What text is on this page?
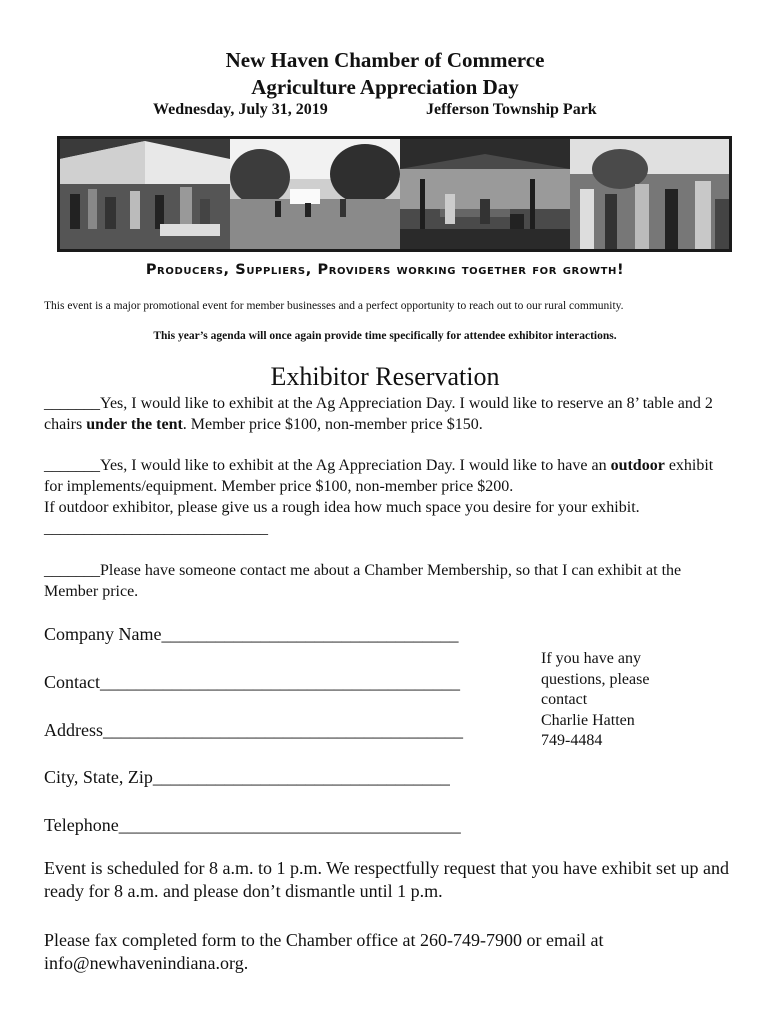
New Haven Chamber of Commerce
Agriculture Appreciation Day
Wednesday, July 31, 2019	Jefferson Township Park
Producers, Suppliers, Providers working together for growth!
This event is a major promotional event for member businesses and a perfect opportunity to reach out to our rural community.
This year’s agenda will once again provide time specifically for attendee exhibitor interactions.
Exhibitor Reservation
_______Yes, I would like to exhibit at the Ag Appreciation Day. I would like to reserve an 8’ table and 2 chairs under the tent. Member price $100, non-member price $150.
_______Yes, I would like to exhibit at the Ag Appreciation Day. I would like to have an outdoor exhibit for implements/equipment. Member price $100, non-member price $200.
If outdoor exhibitor, please give us a rough idea how much space you desire for your exhibit.
____________________________
_______Please have someone contact me about a Chamber Membership, so that I can exhibit at the Member price.
Company Name_________________________________
Contact________________________________________
Address________________________________________
City, State, Zip_________________________________
Telephone______________________________________
If you have any
questions, please
contact
Charlie Hatten
749-4484
Event is scheduled for 8 a.m. to 1 p.m. We respectfully request that you have exhibit set up and ready for 8 a.m. and please don’t dismantle until 1 p.m.
Please fax completed form to the Chamber office at 260-749-7900 or email at info@newhavenindiana.org.
